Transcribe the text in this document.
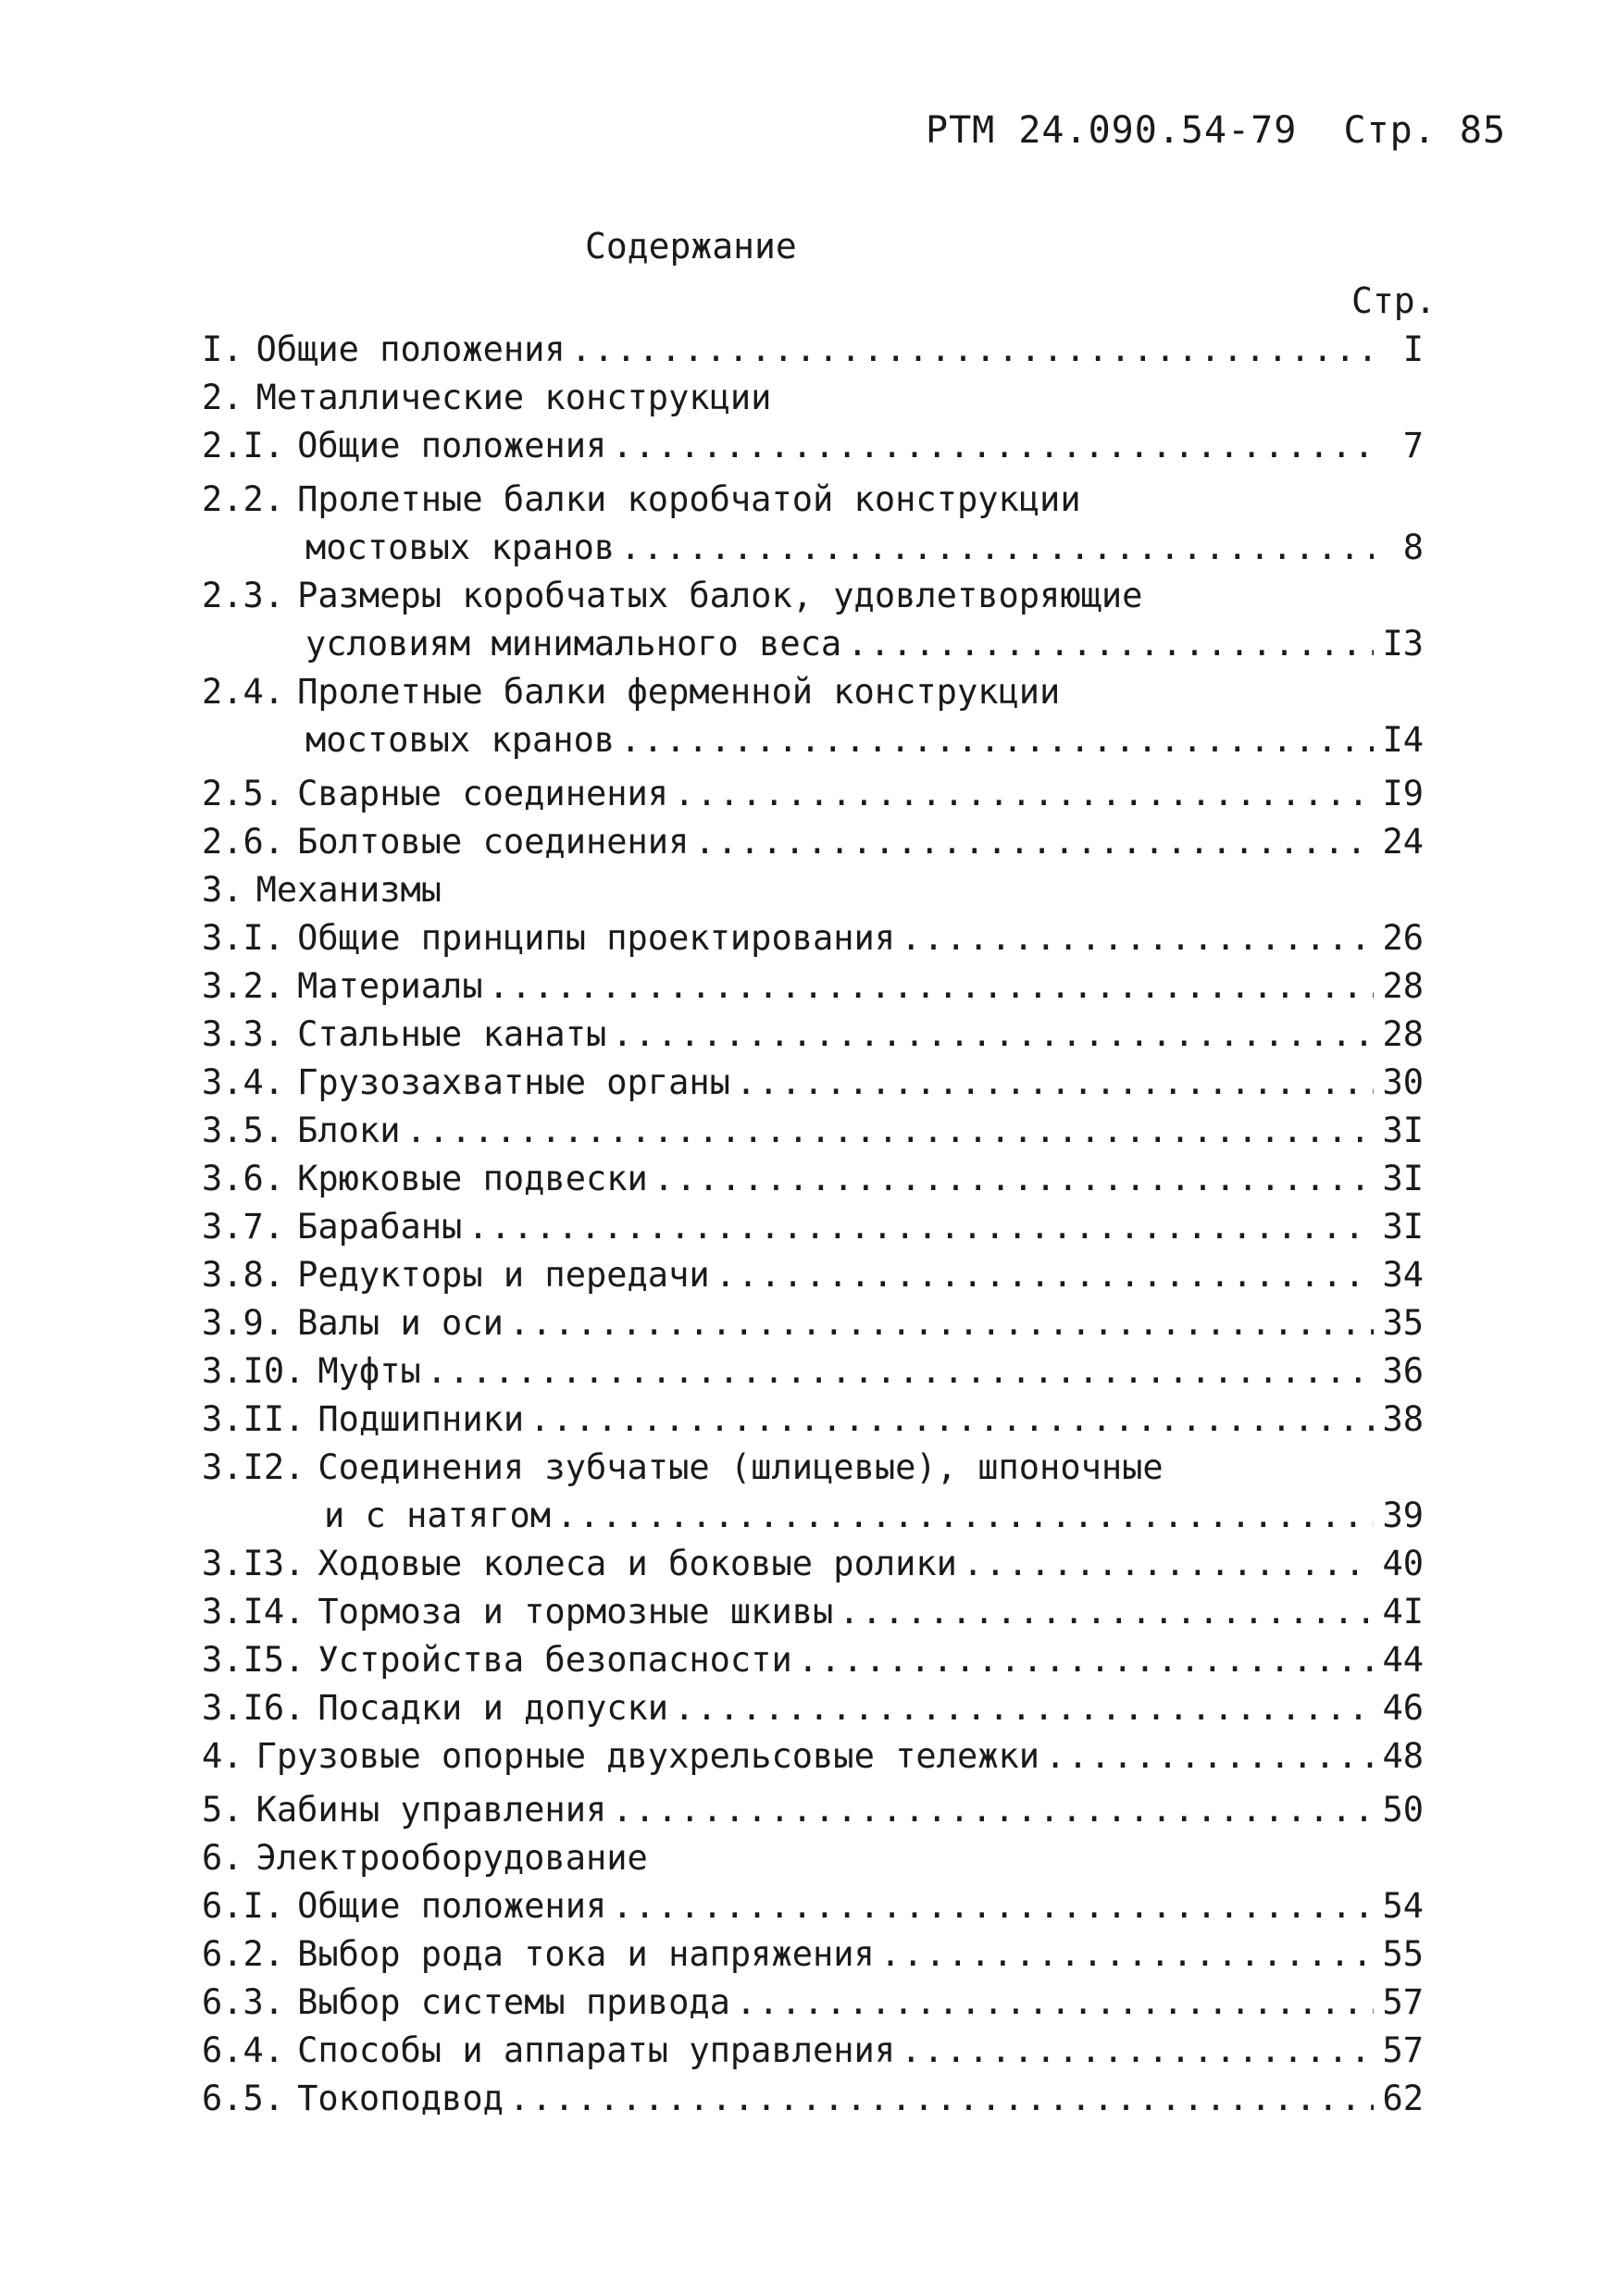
РТМ 24.090.54-79 Стр. 85
Содержание
Стр.
I. Общие положения .....	I
2. Металлические конструкции
2.I. Общие положения .....	7
2.2. Пролетные балки коробчатой конструкции
мостовых кранов .....	8
2.3. Размеры коробчатых балок, удовлетворяющие
условиям минимального веса .....	I3
2.4. Пролетные балки ферменной конструкции
мостовых кранов .....	I4
2.5. Сварные соединения .....	I9
2.6. Болтовые соединения .....	24
3. Механизмы
3.I. Общие принципы проектирования .....	26
3.2. Материалы .....	28
3.3. Стальные канаты .....	28
3.4. Грузозахватные органы .....	30
3.5. Блоки .....	3I
3.6. Крюковые подвески .....	3I
3.7. Барабаны .....	3I
3.8. Редукторы и передачи .....	34
3.9. Валы и оси .....	35
3.I0. Муфты .....	36
3.II. Подшипники .....	38
3.I2. Соединения зубчатые (шлицевые), шпоночные
и с натягом .....	39
3.I3. Ходовые колеса и боковые ролики .....	40
3.I4. Тормоза и тормозные шкивы .....	4I
3.I5. Устройства безопасности .....	44
3.I6. Посадки и допуски .....	46
4. Грузовые опорные двухрельсовые тележки .....	48
5. Кабины управления .....	50
6. Электрооборудование
6.I. Общие положения .....	54
6.2. Выбор рода тока и напряжения .....	55
6.3. Выбор системы привода .....	57
6.4. Способы и аппараты управления .....	57
6.5. Токоподвод .....	62
